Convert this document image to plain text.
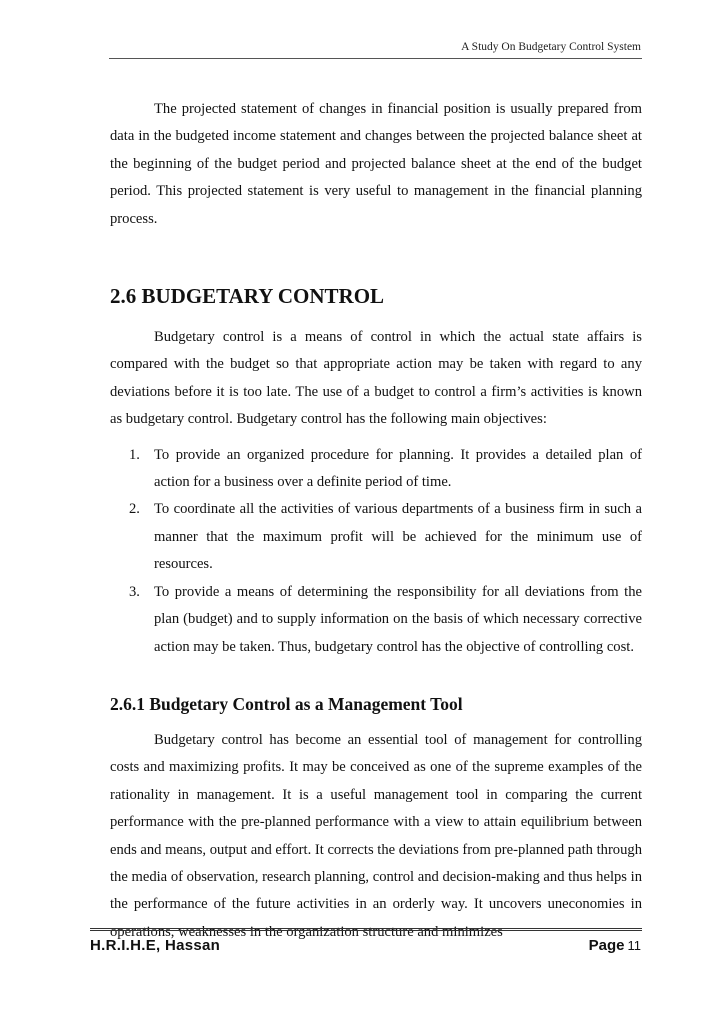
A Study On Budgetary Control System

The projected statement of changes in financial position is usually prepared from data in the budgeted income statement and changes between the projected balance sheet at the beginning of the budget period and projected balance sheet at the end of the budget period. This projected statement is very useful to management in the financial planning process.

2.6 BUDGETARY CONTROL

Budgetary control is a means of control in which the actual state affairs is compared with the budget so that appropriate action may be taken with regard to any deviations before it is too late. The use of a budget to control a firm’s activities is known as budgetary control. Budgetary control has the following main objectives:

To provide an organized procedure for planning. It provides a detailed plan of action for a business over a definite period of time.
To coordinate all the activities of various departments of a business firm in such a manner that the maximum profit will be achieved for the minimum use of resources.
To provide a means of determining the responsibility for all deviations from the plan (budget) and to supply information on the basis of which necessary corrective action may be taken. Thus, budgetary control has the objective of controlling cost.
2.6.1 Budgetary Control as a Management Tool

Budgetary control has become an essential tool of management for controlling costs and maximizing profits. It may be conceived as one of the supreme examples of the rationality in management. It is a useful management tool in comparing the current performance with the pre-planned performance with a view to attain equilibrium between ends and means, output and effort. It corrects the deviations from pre-planned path through the media of observation, research planning, control and decision-making and thus helps in the performance of the future activities in an orderly way. It uncovers uneconomies in operations, weaknesses in the organization structure and minimizes

H.R.I.H.E, Hassan	Page 11
